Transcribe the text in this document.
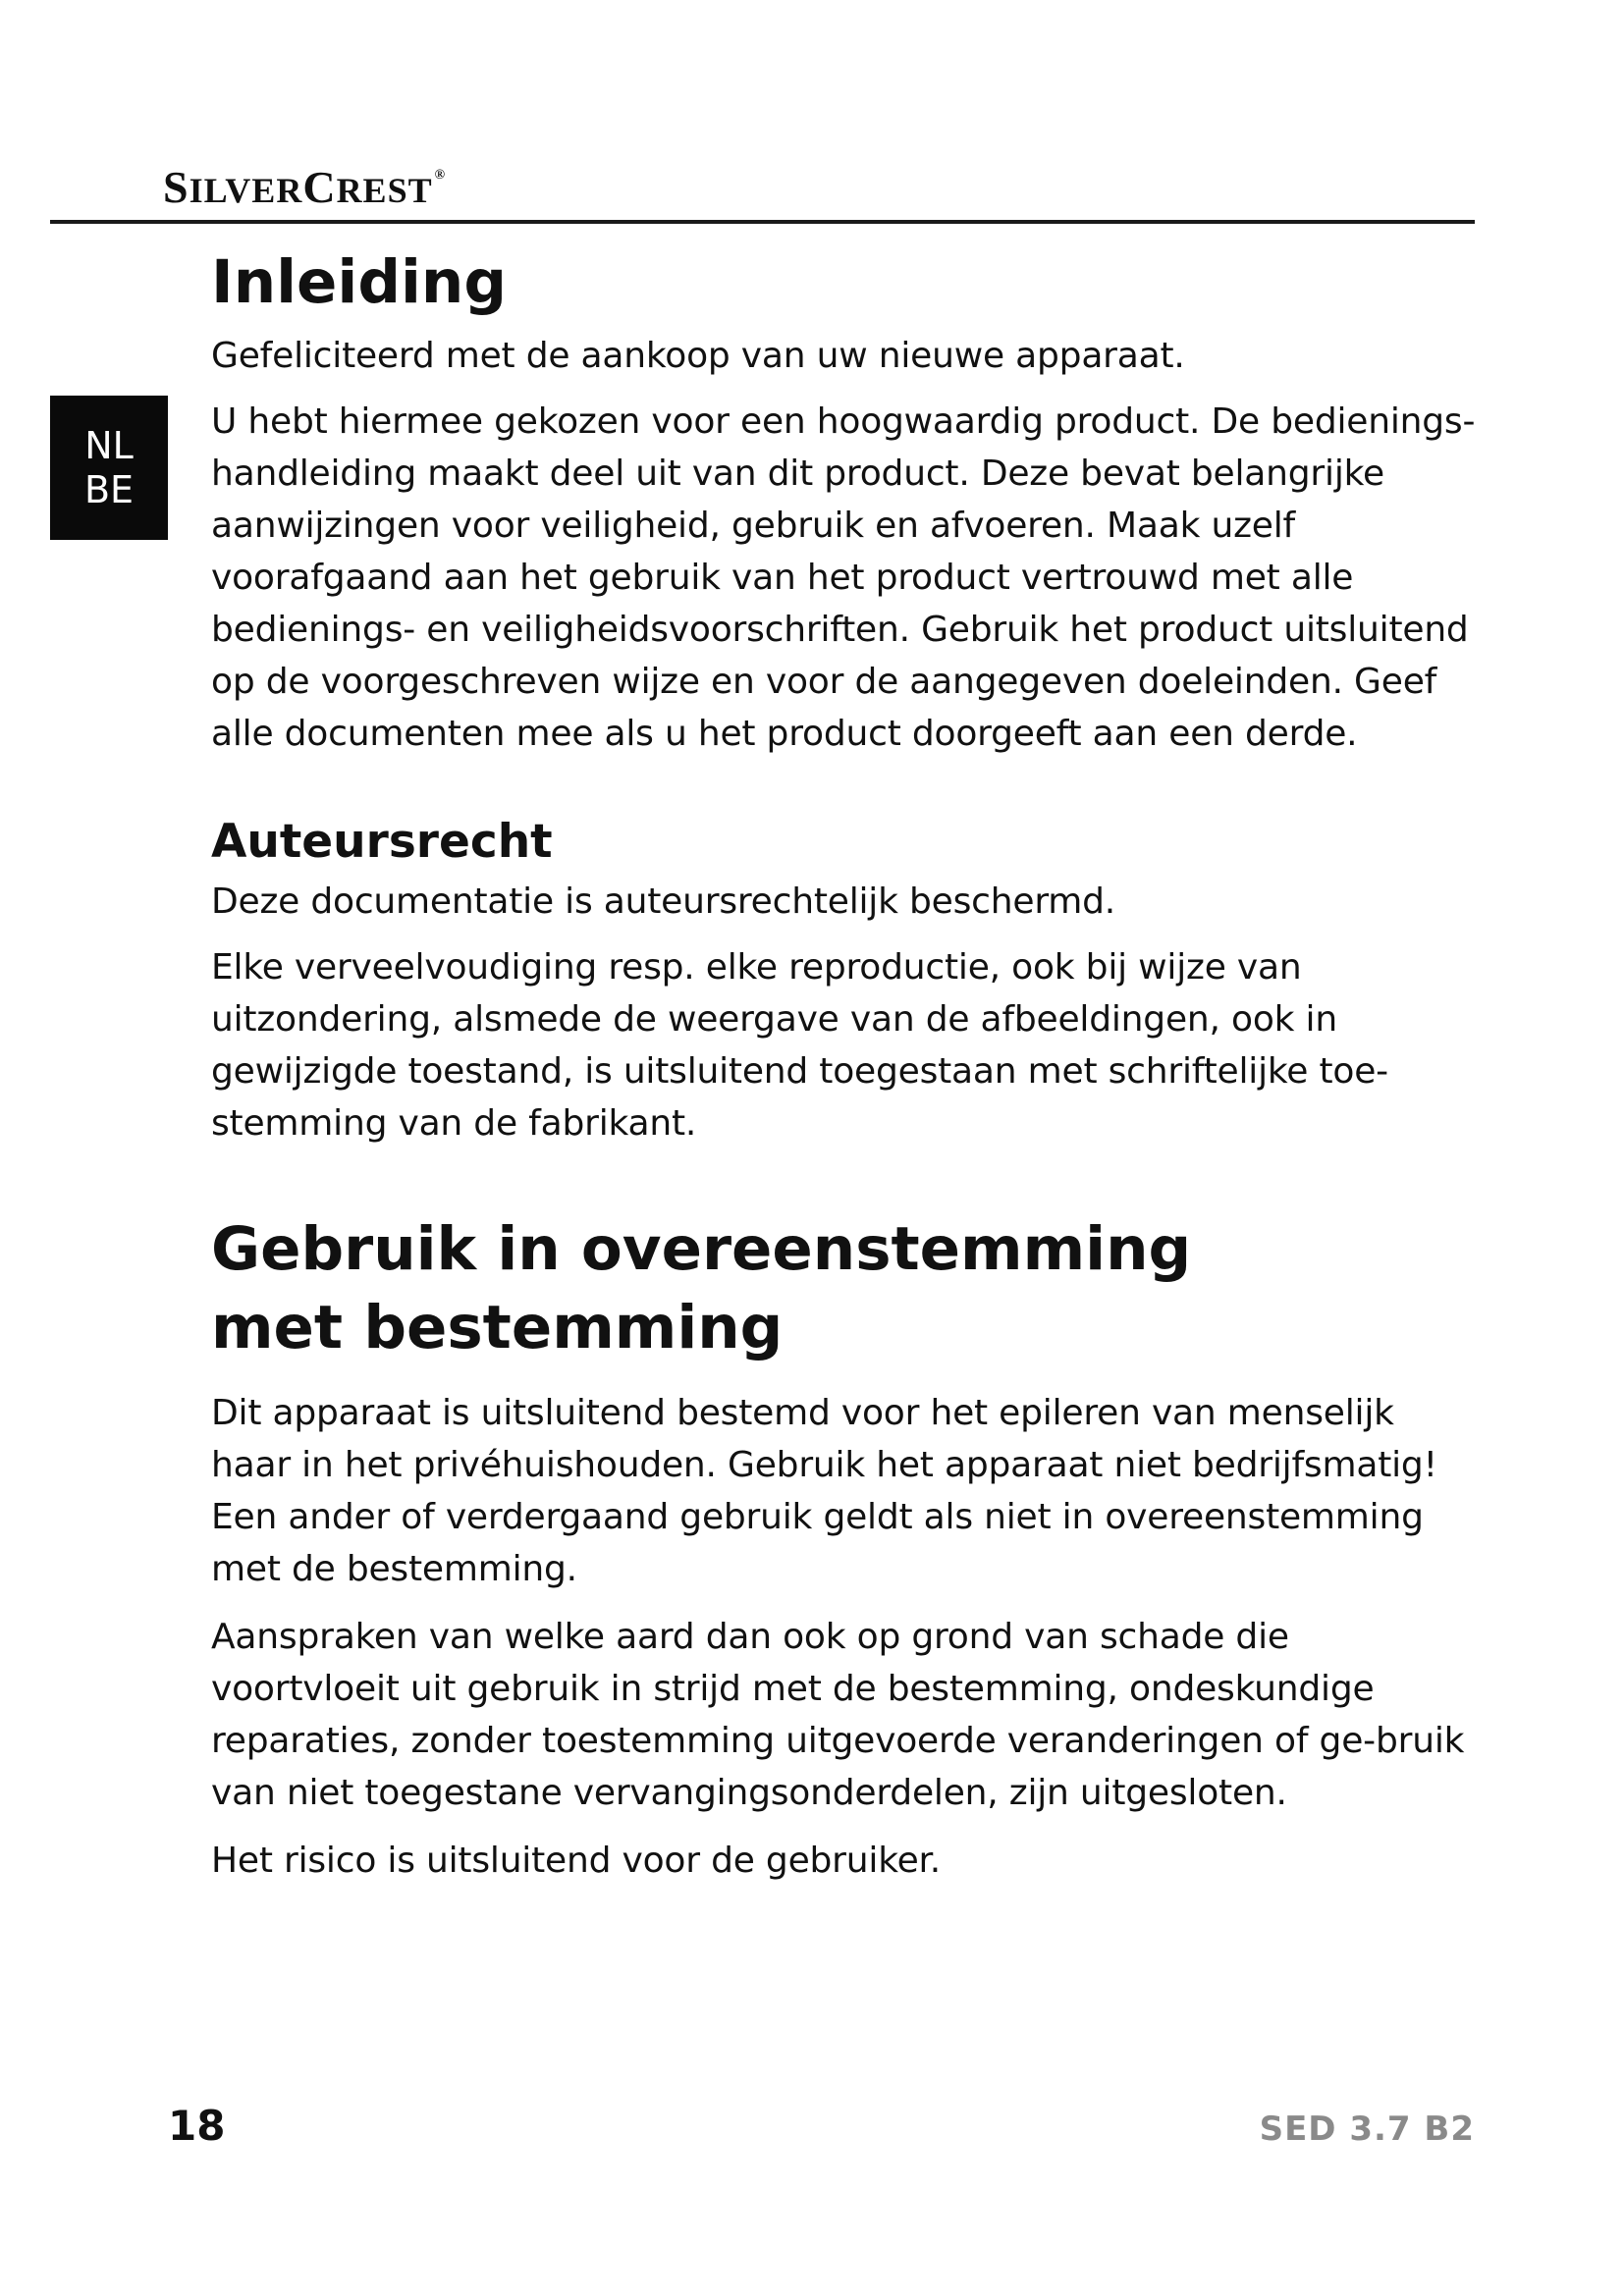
SILVERCREST ®
NL
BE
Inleiding

Gefeliciteerd met de aankoop van uw nieuwe apparaat.

U hebt hiermee gekozen voor een hoogwaardig product. De bedienings-handleiding maakt deel uit van dit product. Deze bevat belangrijke aanwijzingen voor veiligheid, gebruik en afvoeren. Maak uzelf voorafgaand aan het gebruik van het product vertrouwd met alle bedienings- en veiligheidsvoorschriften. Gebruik het product uitsluitend op de voorgeschreven wijze en voor de aangegeven doeleinden. Geef alle documenten mee als u het product doorgeeft aan een derde.

Auteursrecht

Deze documentatie is auteursrechtelijk beschermd.

Elke verveelvoudiging resp. elke reproductie, ook bij wijze van uitzondering, alsmede de weergave van de afbeeldingen, ook in gewijzigde toestand, is uitsluitend toegestaan met schriftelijke toe-stemming van de fabrikant.

Gebruik in overeenstemming
met bestemming

Dit apparaat is uitsluitend bestemd voor het epileren van menselijk haar in het privéhuishouden. Gebruik het apparaat niet bedrijfsmatig! Een ander of verdergaand gebruik geldt als niet in overeenstemming met de bestemming.

Aanspraken van welke aard dan ook op grond van schade die voortvloeit uit gebruik in strijd met de bestemming, ondeskundige reparaties, zonder toestemming uitgevoerde veranderingen of ge-bruik van niet toegestane vervangingsonderdelen, zijn uitgesloten.

Het risico is uitsluitend voor de gebruiker.

18	SED 3.7 B2
